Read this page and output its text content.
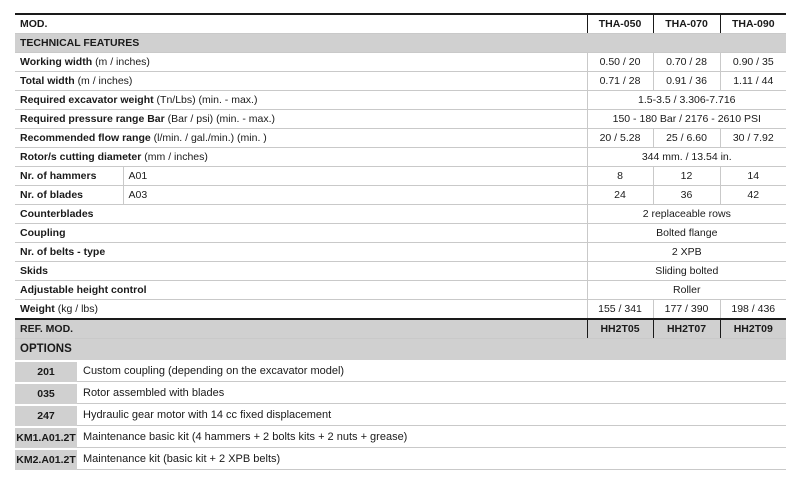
MOD.		THA-050	THA-070	THA-090
TECHNICAL FEATURES				
Working width (m / inches)		0.50 / 20	0.70 / 28	0.90 / 35
Total width (m / inches)		0.71 / 28	0.91 / 36	1.11 / 44
Required excavator weight (Tn/Lbs) (min. - max.)		1.5-3.5 / 3.306-7.716		
Required pressure range Bar (Bar / psi) (min. - max.)		150 - 180 Bar / 2176 - 2610 PSI		
Recommended flow range (l/min. / gal./min.) (min. )		20 / 5.28	25 / 6.60	30 / 7.92
Rotor/s cutting diameter (mm / inches)		344 mm. / 13.54 in.		
Nr. of hammers	A01	8	12	14
Nr. of blades	A03	24	36	42
Counterblades		2 replaceable rows		
Coupling		Bolted flange		
Nr. of belts - type		2 XPB		
Skids		Sliding bolted		
Adjustable height control		Roller		
Weight (kg / lbs)		155 / 341	177 / 390	198 / 436
REF. MOD.		HH2T05	HH2T07	HH2T09
OPTIONS
201	Custom coupling (depending on the excavator model)
035	Rotor assembled with blades
247	Hydraulic gear motor with 14 cc fixed displacement
KM1.A01.2T	Maintenance basic kit (4 hammers + 2 bolts kits + 2 nuts + grease)
KM2.A01.2T	Maintenance kit (basic kit + 2 XPB belts)
